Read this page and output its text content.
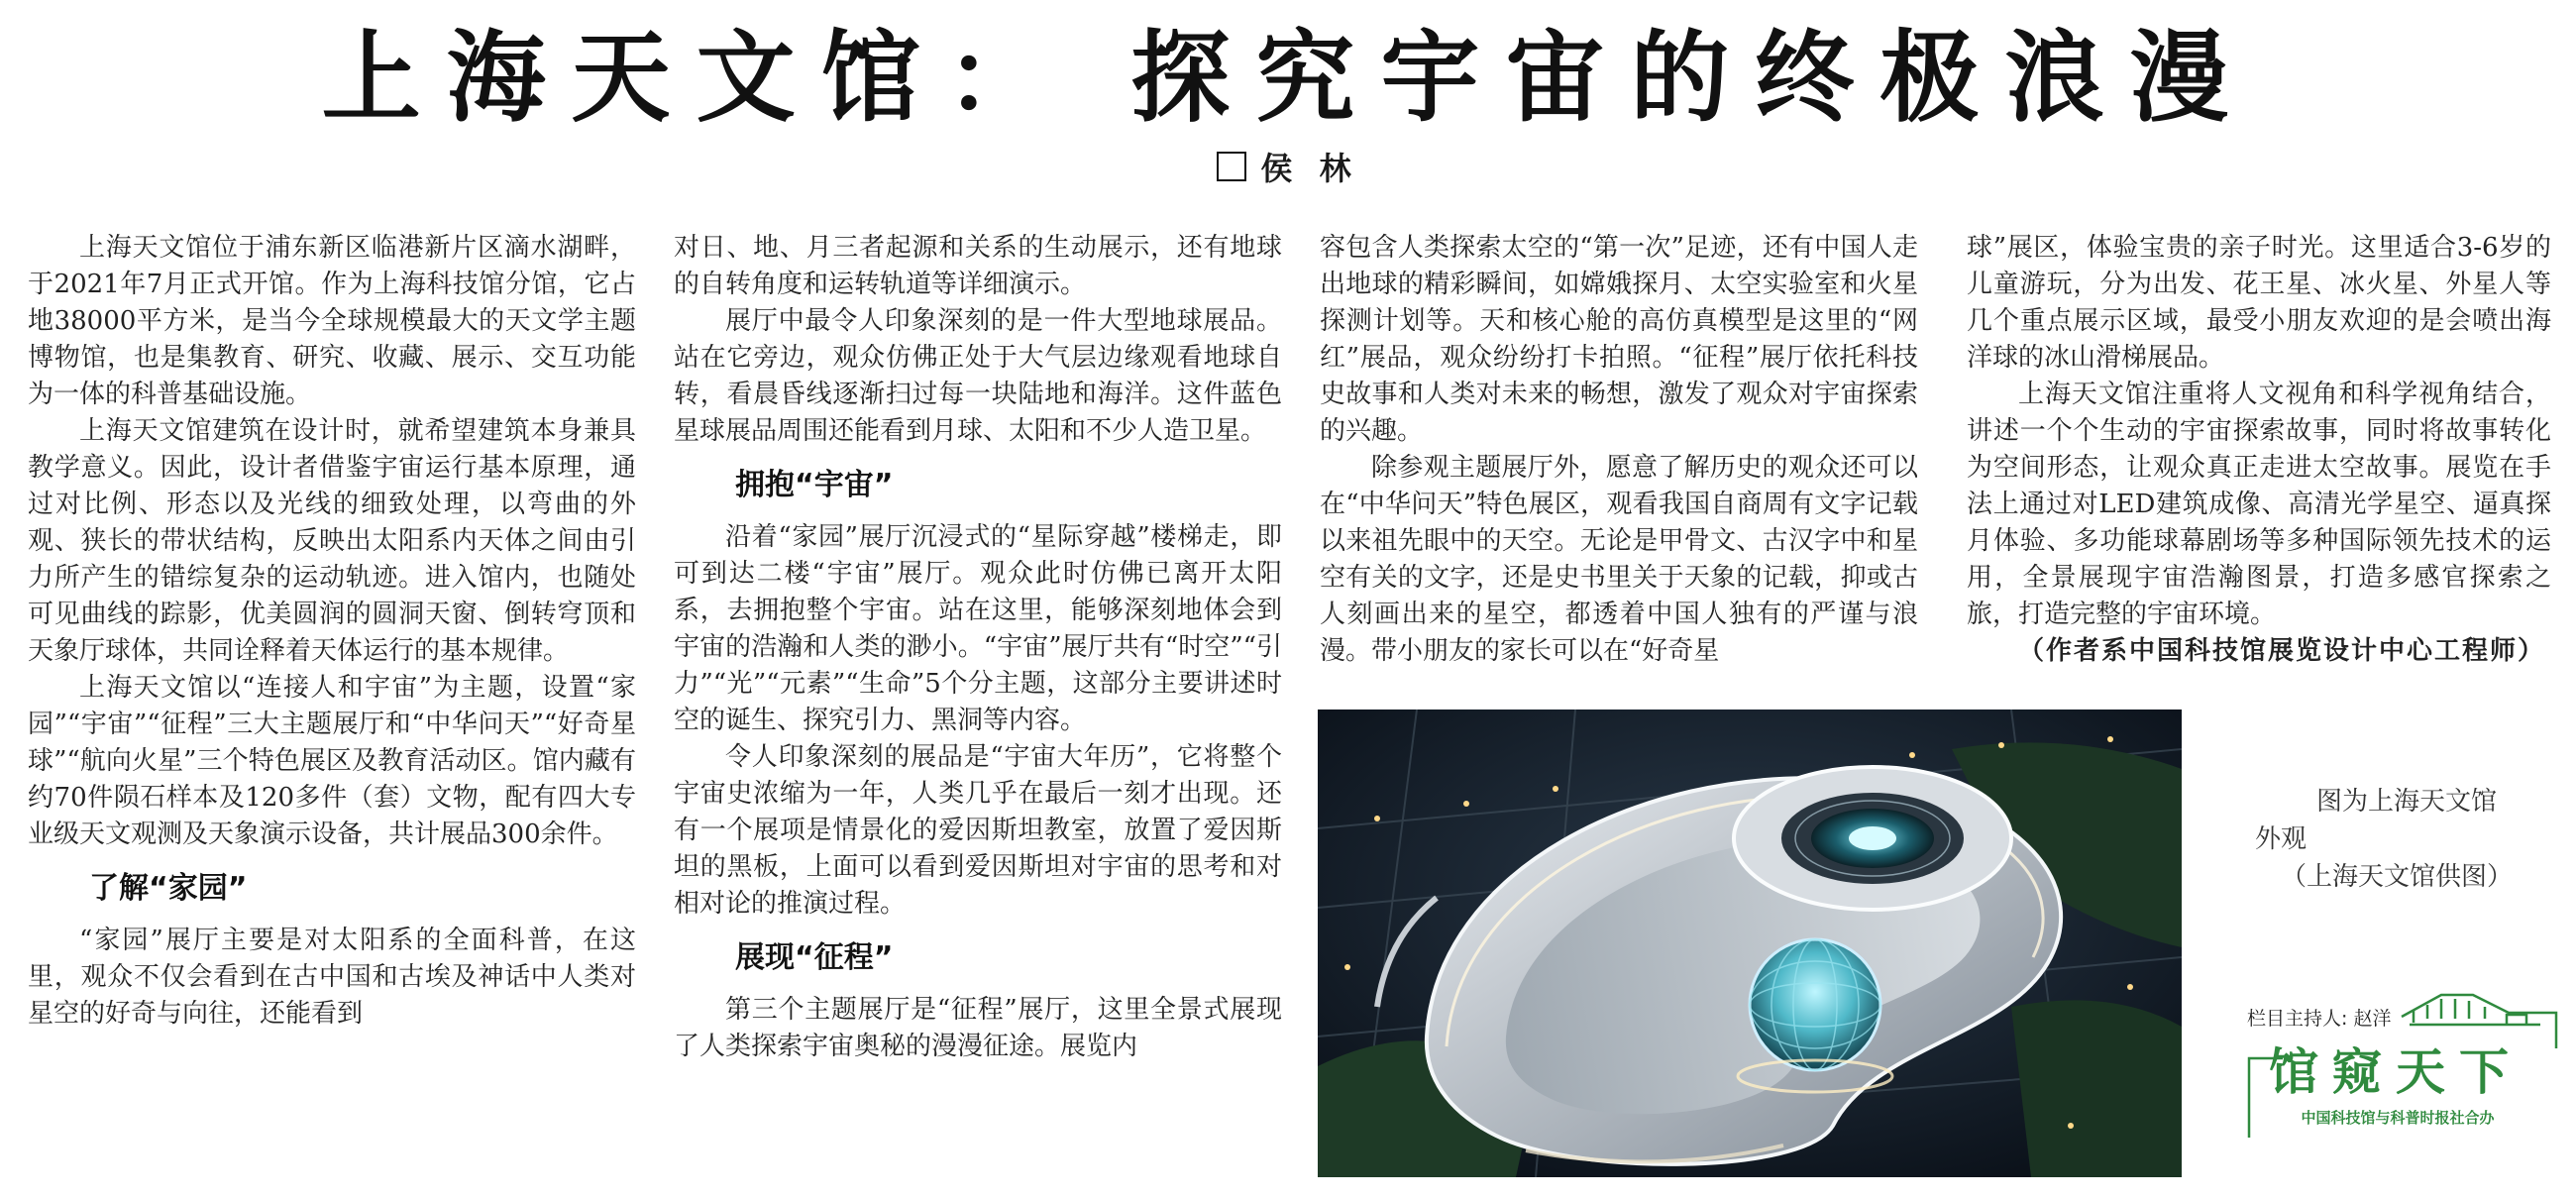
上海天文馆： 探究宇宙的终极浪漫
侯 林

上海天文馆位于浦东新区临港新片区滴水湖畔，于2021年7月正式开馆。作为上海科技馆分馆，它占地38000平方米，是当今全球规模最大的天文学主题博物馆，也是集教育、研究、收藏、展示、交互功能为一体的科普基础设施。

上海天文馆建筑在设计时，就希望建筑本身兼具教学意义。因此，设计者借鉴宇宙运行基本原理，通过对比例、形态以及光线的细致处理，以弯曲的外观、狭长的带状结构，反映出太阳系内天体之间由引力所产生的错综复杂的运动轨迹。进入馆内，也随处可见曲线的踪影，优美圆润的圆洞天窗、倒转穹顶和天象厅球体，共同诠释着天体运行的基本规律。

上海天文馆以“连接人和宇宙”为主题，设置“家园”“宇宙”“征程”三大主题展厅和“中华问天”“好奇星球”“航向火星”三个特色展区及教育活动区。馆内藏有约70件陨石样本及120多件（套）文物，配有四大专业级天文观测及天象演示设备，共计展品300余件。

了解“家园”

“家园”展厅主要是对太阳系的全面科普，在这里，观众不仅会看到在古中国和古埃及神话中人类对星空的好奇与向往，还能看到

对日、地、月三者起源和关系的生动展示，还有地球的自转角度和运转轨道等详细演示。

展厅中最令人印象深刻的是一件大型地球展品。站在它旁边，观众仿佛正处于大气层边缘观看地球自转，看晨昏线逐渐扫过每一块陆地和海洋。这件蓝色星球展品周围还能看到月球、太阳和不少人造卫星。

拥抱“宇宙”

沿着“家园”展厅沉浸式的“星际穿越”楼梯走，即可到达二楼“宇宙”展厅。观众此时仿佛已离开太阳系，去拥抱整个宇宙。站在这里，能够深刻地体会到宇宙的浩瀚和人类的渺小。“宇宙”展厅共有“时空”“引力”“光”“元素”“生命”5个分主题，这部分主要讲述时空的诞生、探究引力、黑洞等内容。

令人印象深刻的展品是“宇宙大年历”，它将整个宇宙史浓缩为一年，人类几乎在最后一刻才出现。还有一个展项是情景化的爱因斯坦教室，放置了爱因斯坦的黑板，上面可以看到爱因斯坦对宇宙的思考和对相对论的推演过程。

展现“征程”

第三个主题展厅是“征程”展厅，这里全景式展现了人类探索宇宙奥秘的漫漫征途。展览内

容包含人类探索太空的“第一次”足迹，还有中国人走出地球的精彩瞬间，如嫦娥探月、太空实验室和火星探测计划等。天和核心舱的高仿真模型是这里的“网红”展品，观众纷纷打卡拍照。“征程”展厅依托科技史故事和人类对未来的畅想，激发了观众对宇宙探索的兴趣。

除参观主题展厅外，愿意了解历史的观众还可以在“中华问天”特色展区，观看我国自商周有文字记载以来祖先眼中的天空。无论是甲骨文、古汉字中和星空有关的文字，还是史书里关于天象的记载，抑或古人刻画出来的星空，都透着中国人独有的严谨与浪漫。带小朋友的家长可以在“好奇星

球”展区，体验宝贵的亲子时光。这里适合3-6岁的儿童游玩，分为出发、花王星、冰火星、外星人等几个重点展示区域，最受小朋友欢迎的是会喷出海洋球的冰山滑梯展品。

上海天文馆注重将人文视角和科学视角结合，讲述一个个生动的宇宙探索故事，同时将故事转化为空间形态，让观众真正走进太空故事。展览在手法上通过对LED建筑成像、高清光学星空、逼真探月体验、多功能球幕剧场等多种国际领先技术的运用，全景展现宇宙浩瀚图景，打造多感官探索之旅，打造完整的宇宙环境。

（作者系中国科技馆展览设计中心工程师）

图为上海天文馆
外观
（上海天文馆供图）
栏目主持人: 赵洋
馆窥天下
中国科技馆与科普时报社合办
